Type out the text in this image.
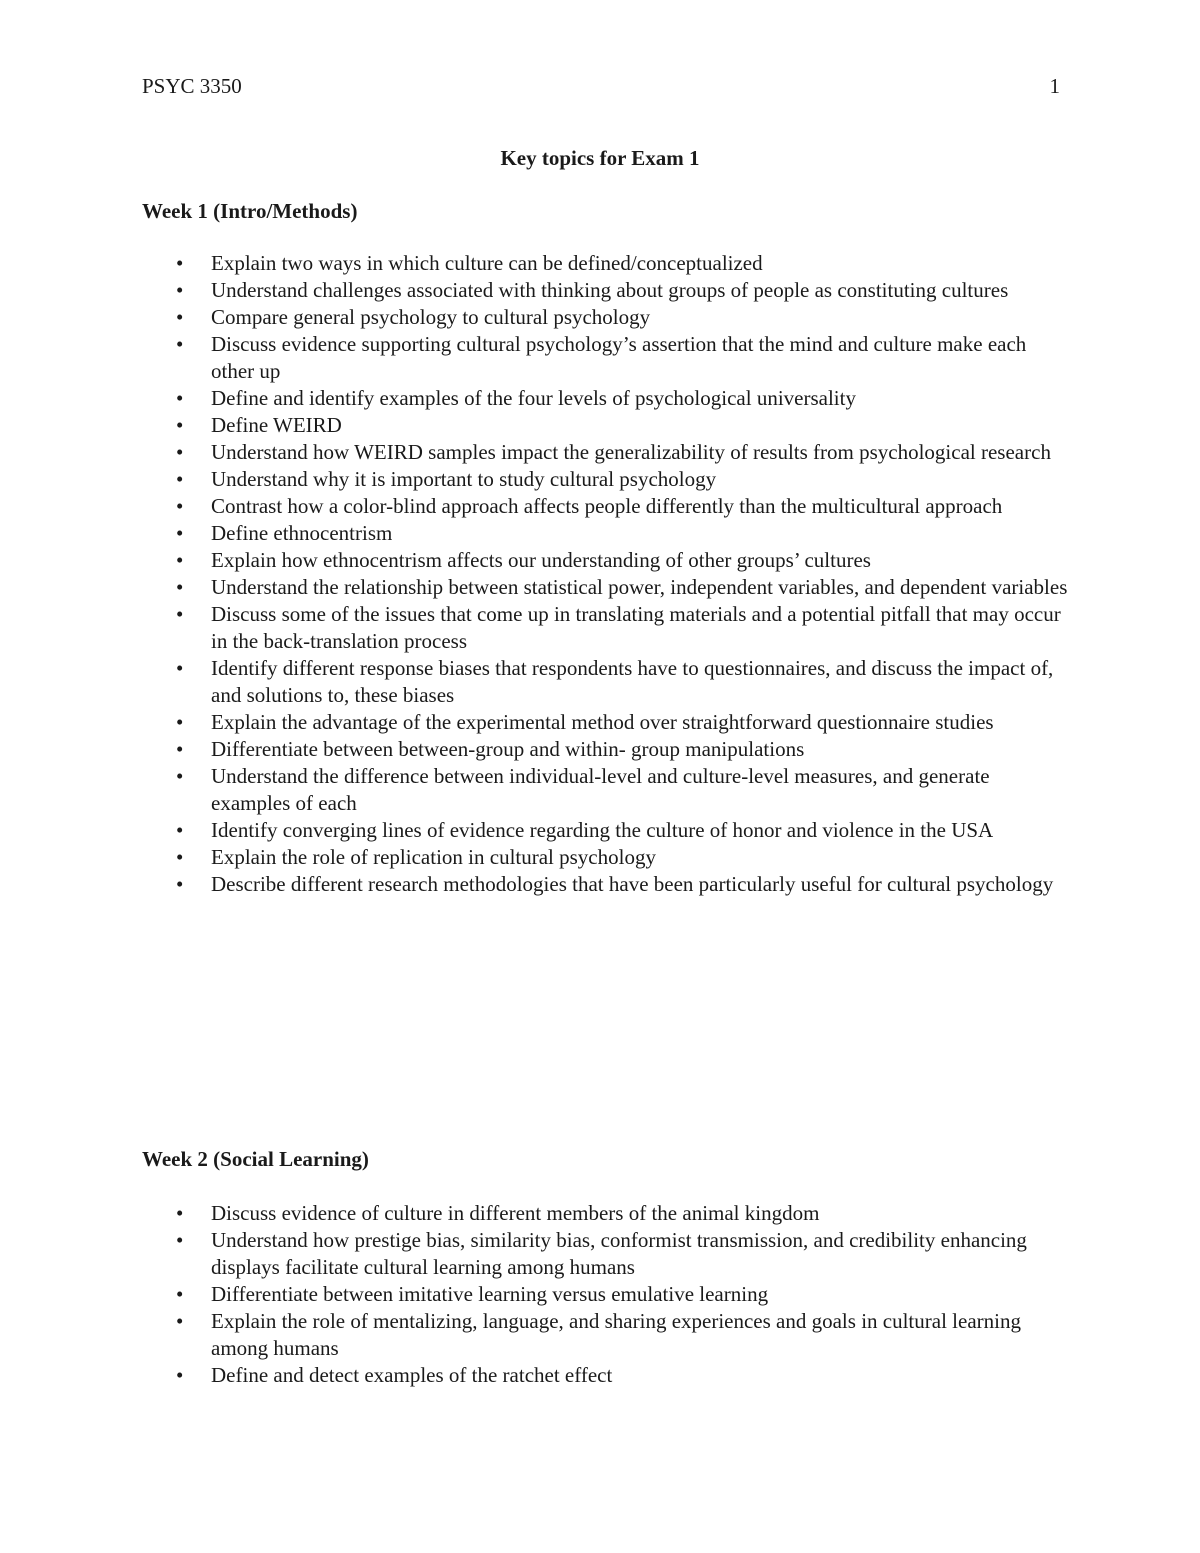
PSYC 3350	1
Key topics for Exam 1
Week 1 (Intro/Methods)
• Explain two ways in which culture can be defined/conceptualized
• Understand challenges associated with thinking about groups of people as constituting cultures
• Compare general psychology to cultural psychology
• Discuss evidence supporting cultural psychology’s assertion that the mind and culture make each other up
• Define and identify examples of the four levels of psychological universality
• Define WEIRD
• Understand how WEIRD samples impact the generalizability of results from psychological research
• Understand why it is important to study cultural psychology
• Contrast how a color-blind approach affects people differently than the multicultural approach
• Define ethnocentrism
• Explain how ethnocentrism affects our understanding of other groups’ cultures
• Understand the relationship between statistical power, independent variables, and dependent variables
• Discuss some of the issues that come up in translating materials and a potential pitfall that may occur in the back-translation process
• Identify different response biases that respondents have to questionnaires, and discuss the impact of, and solutions to, these biases
• Explain the advantage of the experimental method over straightforward questionnaire studies
• Differentiate between between-group and within- group manipulations
• Understand the difference between individual-level and culture-level measures, and generate examples of each
• Identify converging lines of evidence regarding the culture of honor and violence in the USA
• Explain the role of replication in cultural psychology
• Describe different research methodologies that have been particularly useful for cultural psychology
Week 2 (Social Learning)
• Discuss evidence of culture in different members of the animal kingdom
• Understand how prestige bias, similarity bias, conformist transmission, and credibility enhancing displays facilitate cultural learning among humans
• Differentiate between imitative learning versus emulative learning
• Explain the role of mentalizing, language, and sharing experiences and goals in cultural learning among humans
• Define and detect examples of the ratchet effect
